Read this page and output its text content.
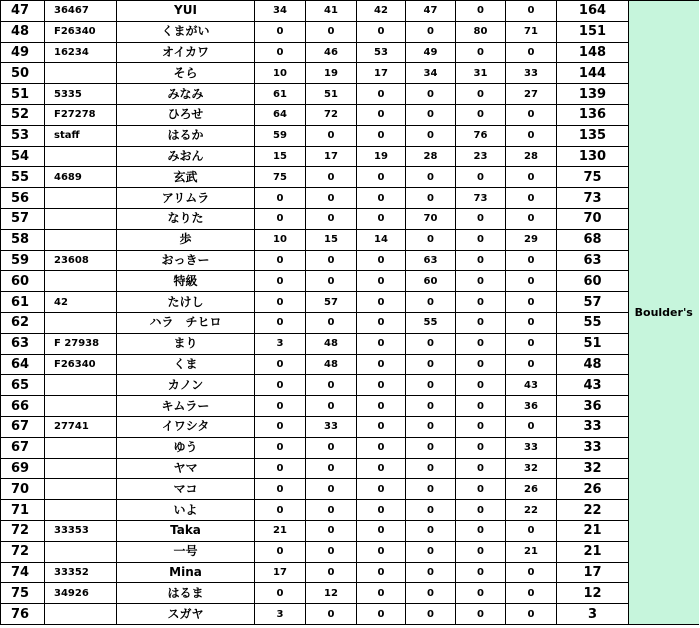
47	36467	YUI	34	41	42	47	0	0	164	Boulder's
48	F26340	くまがい	0	0	0	0	80	71	151	
49	16234	オイカワ	0	46	53	49	0	0	148	
50		そら	10	19	17	34	31	33	144	
51	5335	みなみ	61	51	0	0	0	27	139	
52	F27278	ひろせ	64	72	0	0	0	0	136	
53	staff	はるか	59	0	0	0	76	0	135	
54		みおん	15	17	19	28	23	28	130	
55	4689	玄武	75	0	0	0	0	0	75	
56		アリムラ	0	0	0	0	73	0	73	
57		なりた	0	0	0	70	0	0	70	
58		歩	10	15	14	0	0	29	68	
59	23608	おっきー	0	0	0	63	0	0	63	
60		特級	0	0	0	60	0	0	60	
61	42	たけし	0	57	0	0	0	0	57	
62		ハラ　チヒロ	0	0	0	55	0	0	55	
63	F 27938	まり	3	48	0	0	0	0	51	
64	F26340	くま	0	48	0	0	0	0	48	
65		カノン	0	0	0	0	0	43	43	
66		キムラー	0	0	0	0	0	36	36	
67	27741	イワシタ	0	33	0	0	0	0	33	
67		ゆう	0	0	0	0	0	33	33	
69		ヤマ	0	0	0	0	0	32	32	
70		マコ	0	0	0	0	0	26	26	
71		いよ	0	0	0	0	0	22	22	
72	33353	Taka	21	0	0	0	0	0	21	
72		一号	0	0	0	0	0	21	21	
74	33352	Mina	17	0	0	0	0	0	17	
75	34926	はるま	0	12	0	0	0	0	12	
76		スガヤ	3	0	0	0	0	0	3	
